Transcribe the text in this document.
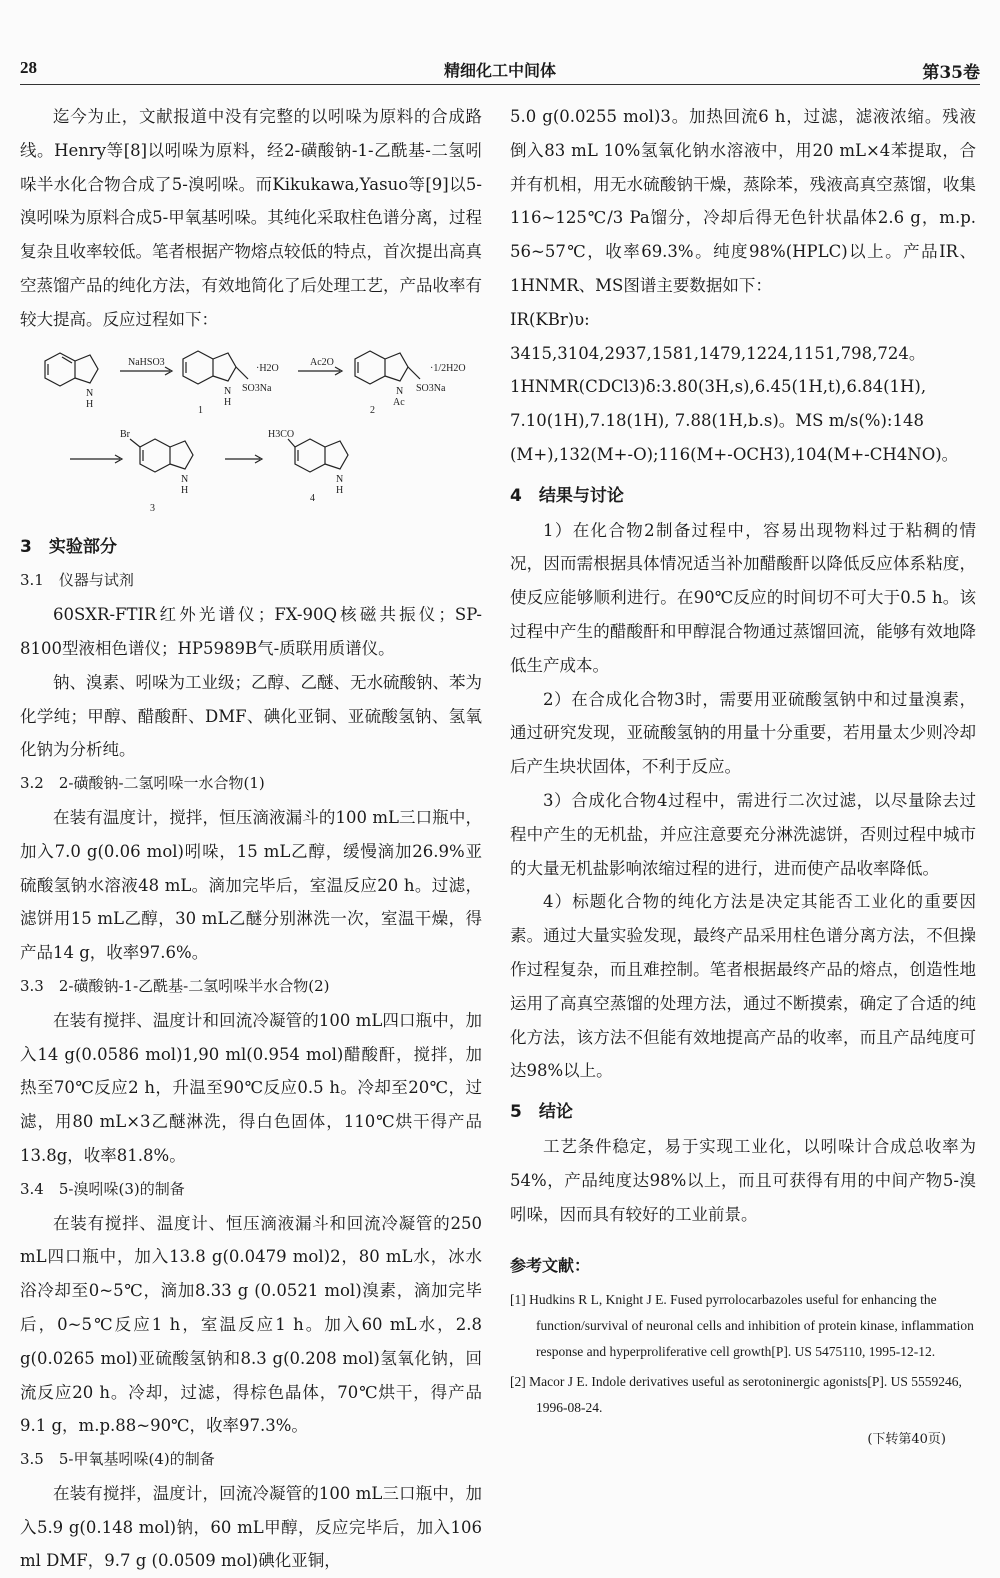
28	精细化工中间体	第35卷

迄今为止，文献报道中没有完整的以吲哚为原料的合成路线。Henry等[8]以吲哚为原料，经2-磺酸钠-1-乙酰基-二氢吲哚半水化合物合成了5-溴吲哚。而Kikukawa,Yasuo等[9]以5-溴吲哚为原料合成5-甲氧基吲哚。其纯化采取柱色谱分离，过程复杂且收率较低。笔者根据产物熔点较低的特点，首次提出高真空蒸馏产品的纯化方法，有效地简化了后处理工艺，产品收率有较大提高。反应过程如下：

N
H
NaHSO3
N
H
SO3Na
·H2O
1
Ac2O
N
Ac
SO3Na
·1/2H2O
2
Br
N
H
3
H3CO
N
H
4

3　实验部分

3.1　仪器与试剂

60SXR-FTIR红外光谱仪；FX-90Q核磁共振仪；SP-8100型液相色谱仪；HP5989B气-质联用质谱仪。

钠、溴素、吲哚为工业级；乙醇、乙醚、无水硫酸钠、苯为化学纯；甲醇、醋酸酐、DMF、碘化亚铜、亚硫酸氢钠、氢氧化钠为分析纯。

3.2　2-磺酸钠-二氢吲哚一水合物(1)

在装有温度计，搅拌，恒压滴液漏斗的100 mL三口瓶中，加入7.0 g(0.06 mol)吲哚，15 mL乙醇，缓慢滴加26.9%亚硫酸氢钠水溶液48 mL。滴加完毕后，室温反应20 h。过滤，滤饼用15 mL乙醇，30 mL乙醚分别淋洗一次，室温干燥，得产品14 g，收率97.6%。

3.3　2-磺酸钠-1-乙酰基-二氢吲哚半水合物(2)

在装有搅拌、温度计和回流冷凝管的100 mL四口瓶中，加入14 g(0.0586 mol)1,90 ml(0.954 mol)醋酸酐，搅拌，加热至70℃反应2 h，升温至90℃反应0.5 h。冷却至20℃，过滤，用80 mL×3乙醚淋洗，得白色固体，110℃烘干得产品13.8g，收率81.8%。

3.4　5-溴吲哚(3)的制备

在装有搅拌、温度计、恒压滴液漏斗和回流冷凝管的250 mL四口瓶中，加入13.8 g(0.0479 mol)2，80 mL水，冰水浴冷却至0~5℃，滴加8.33 g (0.0521 mol)溴素，滴加完毕后，0~5℃反应1 h，室温反应1 h。加入60 mL水，2.8 g(0.0265 mol)亚硫酸氢钠和8.3 g(0.208 mol)氢氧化钠，回流反应20 h。冷却，过滤，得棕色晶体，70℃烘干，得产品9.1 g，m.p.88~90℃，收率97.3%。

3.5　5-甲氧基吲哚(4)的制备

在装有搅拌，温度计，回流冷凝管的100 mL三口瓶中，加入5.9 g(0.148 mol)钠，60 mL甲醇，反应完毕后，加入106 ml DMF，9.7 g (0.0509 mol)碘化亚铜，

5.0 g(0.0255 mol)3。加热回流6 h，过滤，滤液浓缩。残液倒入83 mL 10%氢氧化钠水溶液中，用20 mL×4苯提取，合并有机相，用无水硫酸钠干燥，蒸除苯，残液高真空蒸馏，收集116~125℃/3 Pa馏分，冷却后得无色针状晶体2.6 g，m.p. 56~57℃，收率69.3%。纯度98%(HPLC)以上。产品IR、1HNMR、MS图谱主要数据如下：

IR(KBr)υ:

3415,3104,2937,1581,1479,1224,1151,798,724。

1HNMR(CDCl3)δ:3.80(3H,s),6.45(1H,t),6.84(1H),

7.10(1H),7.18(1H), 7.88(1H,b.s)。MS m/s(%):148

(M+),132(M+-O);116(M+-OCH3),104(M+-CH4NO)。

4　结果与讨论

1）在化合物2制备过程中，容易出现物料过于粘稠的情况，因而需根据具体情况适当补加醋酸酐以降低反应体系粘度，使反应能够顺利进行。在90℃反应的时间切不可大于0.5 h。该过程中产生的醋酸酐和甲醇混合物通过蒸馏回流，能够有效地降低生产成本。

2）在合成化合物3时，需要用亚硫酸氢钠中和过量溴素，通过研究发现，亚硫酸氢钠的用量十分重要，若用量太少则冷却后产生块状固体，不利于反应。

3）合成化合物4过程中，需进行二次过滤，以尽量除去过程中产生的无机盐，并应注意要充分淋洗滤饼，否则过程中城市的大量无机盐影响浓缩过程的进行，进而使产品收率降低。

4）标题化合物的纯化方法是决定其能否工业化的重要因素。通过大量实验发现，最终产品采用柱色谱分离方法，不但操作过程复杂，而且难控制。笔者根据最终产品的熔点，创造性地运用了高真空蒸馏的处理方法，通过不断摸索，确定了合适的纯化方法，该方法不但能有效地提高产品的收率，而且产品纯度可达98%以上。

5　结论

工艺条件稳定，易于实现工业化，以吲哚计合成总收率为54%，产品纯度达98%以上，而且可获得有用的中间产物5-溴吲哚，因而具有较好的工业前景。

参考文献：

[1] Hudkins R L, Knight J E. Fused pyrrolocarbazoles useful for enhancing the function/survival of neuronal cells and inhibition of protein kinase, inflammation response and hyperproliferative cell growth[P]. US 5475110, 1995-12-12.

[2] Macor J E. Indole derivatives useful as serotoninergic agonists[P]. US 5559246, 1996-08-24.

(下转第40页)
